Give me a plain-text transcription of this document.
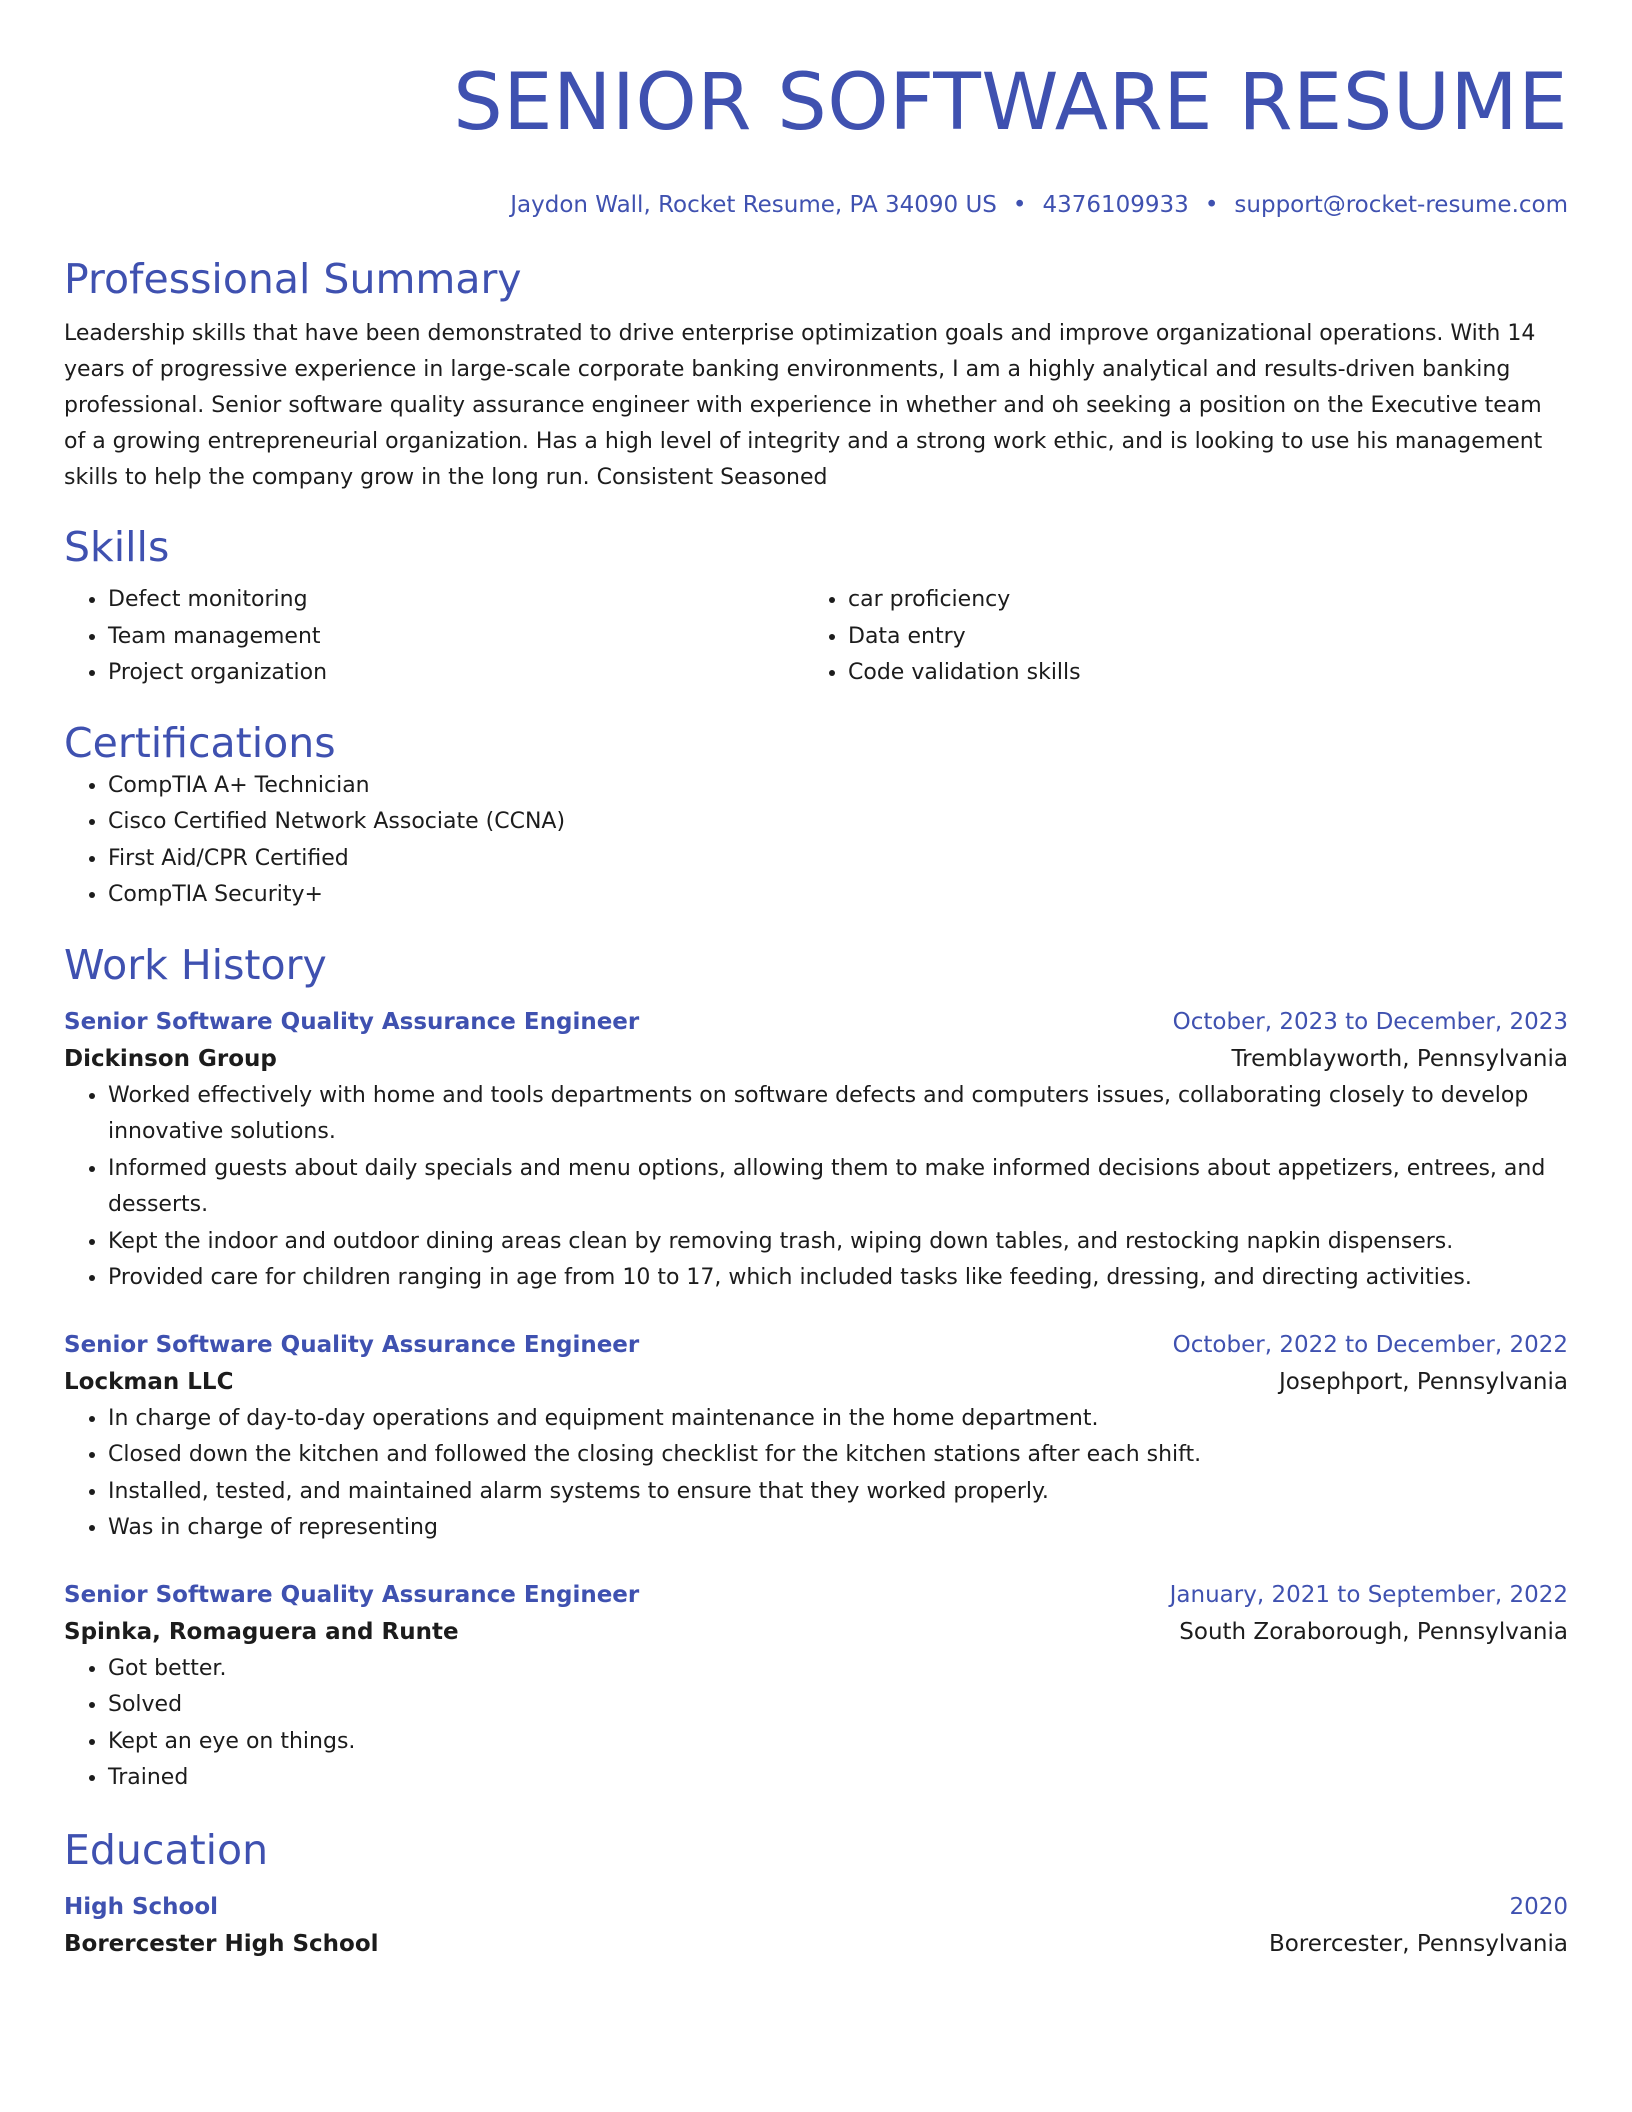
SENIOR SOFTWARE RESUME
Jaydon Wall, Rocket Resume, PA 34090 US • 4376109933 • support@rocket-resume.com
Professional Summary

Leadership skills that have been demonstrated to drive enterprise optimization goals and improve organizational operations. With 14 years of progressive experience in large-scale corporate banking environments, I am a highly analytical and results-driven banking professional. Senior software quality assurance engineer with experience in whether and oh seeking a position on the Executive team of a growing entrepreneurial organization. Has a high level of integrity and a strong work ethic, and is looking to use his management skills to help the company grow in the long run. Consistent Seasoned

Skills
• Defect monitoring
• Team management
• Project organization
• car proficiency
• Data entry
• Code validation skills
Certifications
• CompTIA A+ Technician
• Cisco Certified Network Associate (CCNA)
• First Aid/CPR Certified
• CompTIA Security+
Work History
Senior Software Quality Assurance Engineer	October, 2023 to December, 2023
Dickinson Group	Tremblayworth, Pennsylvania
• Worked effectively with home and tools departments on software defects and computers issues, collaborating closely to develop innovative solutions.
• Informed guests about daily specials and menu options, allowing them to make informed decisions about appetizers, entrees, and desserts.
• Kept the indoor and outdoor dining areas clean by removing trash, wiping down tables, and restocking napkin dispensers.
• Provided care for children ranging in age from 10 to 17, which included tasks like feeding, dressing, and directing activities.
Senior Software Quality Assurance Engineer	October, 2022 to December, 2022
Lockman LLC	Josephport, Pennsylvania
• In charge of day-to-day operations and equipment maintenance in the home department.
• Closed down the kitchen and followed the closing checklist for the kitchen stations after each shift.
• Installed, tested, and maintained alarm systems to ensure that they worked properly.
• Was in charge of representing
Senior Software Quality Assurance Engineer	January, 2021 to September, 2022
Spinka, Romaguera and Runte	South Zoraborough, Pennsylvania
• Got better.
• Solved
• Kept an eye on things.
• Trained
Education
High School	2020
Borercester High School	Borercester, Pennsylvania
